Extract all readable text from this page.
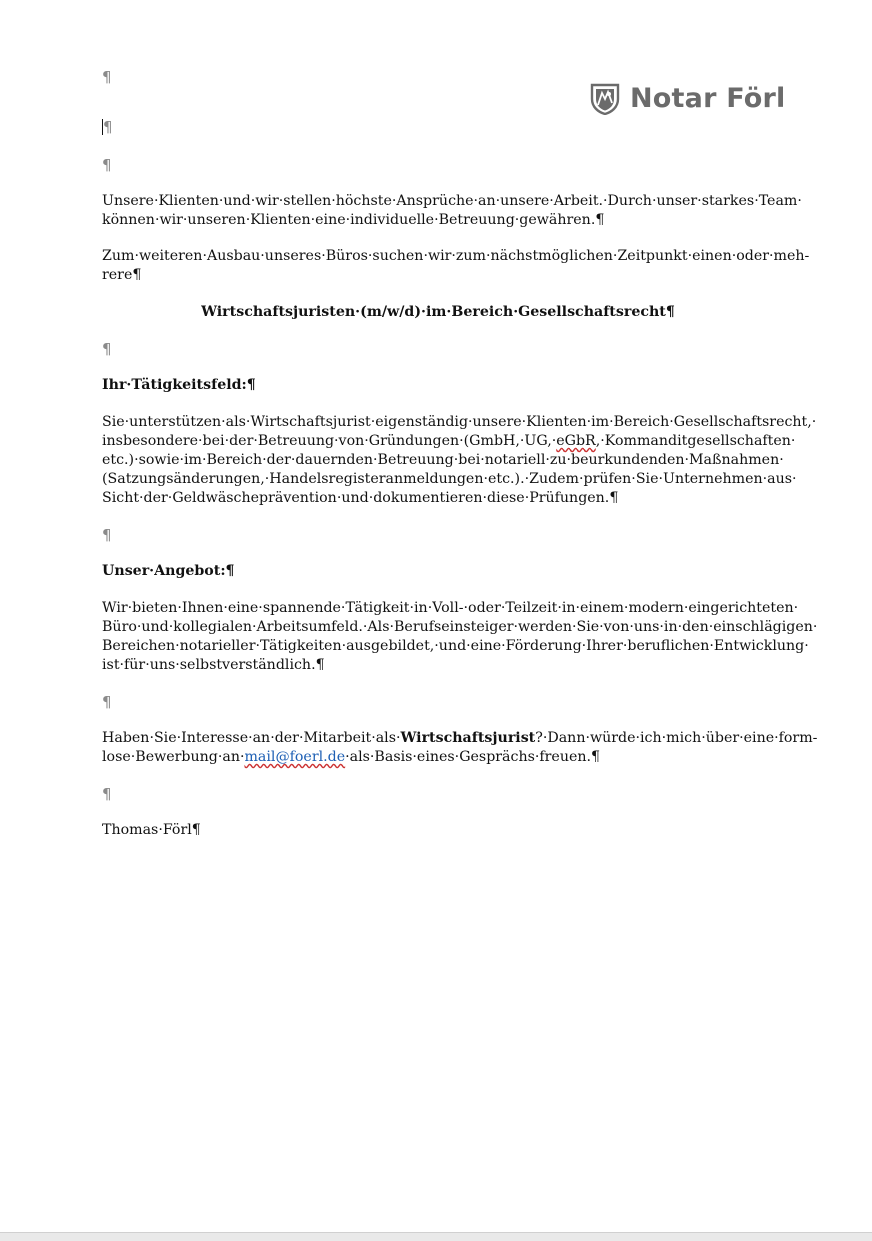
Notar Förl
¶
¶
¶
Unsere·Klienten·und·wir·stellen·höchste·Ansprüche·an·unsere·Arbeit.·Durch·unser·starkes·Team·
können·wir·unseren·Klienten·eine·individuelle·Betreuung·gewähren.¶
Zum·weiteren·Ausbau·unseres·Büros·suchen·wir·zum·nächstmöglichen·Zeitpunkt·einen·oder·meh-
rere¶
Wirtschaftsjuristen·(m/w/d)·im·Bereich·Gesellschaftsrecht¶
¶
Ihr·Tätigkeitsfeld:¶
Sie·unterstützen·als·Wirtschaftsjurist·eigenständig·unsere·Klienten·im·Bereich·Gesellschaftsrecht,·
insbesondere·bei·der·Betreuung·von·Gründungen·(GmbH,·UG,·eGbR,·Kommanditgesellschaften·
etc.)·sowie·im·Bereich·der·dauernden·Betreuung·bei·notariell·zu·beurkundenden·Maßnahmen·
(Satzungsänderungen,·Handelsregisteranmeldungen·etc.).·Zudem·prüfen·Sie·Unternehmen·aus·
Sicht·der·Geldwäscheprävention·und·dokumentieren·diese·Prüfungen.¶
¶
Unser·Angebot:¶
Wir·bieten·Ihnen·eine·spannende·Tätigkeit·in·Voll-·oder·Teilzeit·in·einem·modern·eingerichteten·
Büro·und·kollegialen·Arbeitsumfeld.·Als·Berufseinsteiger·werden·Sie·von·uns·in·den·einschlägigen·
Bereichen·notarieller·Tätigkeiten·ausgebildet,·und·eine·Förderung·Ihrer·beruflichen·Entwicklung·
ist·für·uns·selbstverständlich.¶
¶
Haben·Sie·Interesse·an·der·Mitarbeit·als·Wirtschaftsjurist?·Dann·würde·ich·mich·über·eine·form-
lose·Bewerbung·an·mail@foerl.de·als·Basis·eines·Gesprächs·freuen.¶
¶
Thomas·Förl¶
